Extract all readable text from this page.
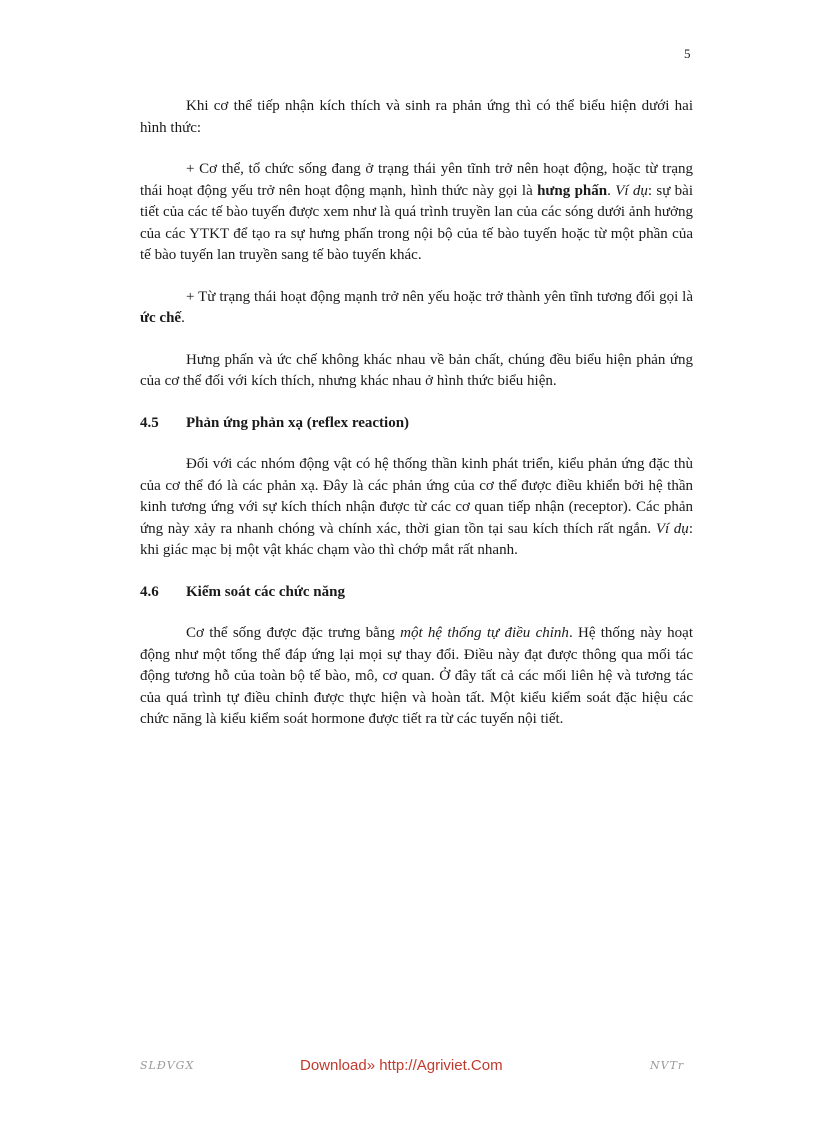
5

Khi cơ thể tiếp nhận kích thích và sinh ra phản ứng thì có thể biểu hiện dưới hai hình thức:

+ Cơ thể, tổ chức sống đang ở trạng thái yên tĩnh trở nên hoạt động, hoặc từ trạng thái hoạt động yếu trở nên hoạt động mạnh, hình thức này gọi là hưng phấn. Ví dụ: sự bài tiết của các tế bào tuyến được xem như là quá trình truyền lan của các sóng dưới ảnh hưởng của các YTKT để tạo ra sự hưng phấn trong nội bộ của tế bào tuyến hoặc từ một phần của tế bào tuyến lan truyền sang tế bào tuyến khác.

+ Từ trạng thái hoạt động mạnh trở nên yếu hoặc trở thành yên tĩnh tương đối gọi là ức chế.

Hưng phấn và ức chế không khác nhau về bản chất, chúng đều biểu hiện phản ứng của cơ thể đối với kích thích, nhưng khác nhau ở hình thức biểu hiện.

4.5	Phản ứng phản xạ (reflex reaction)

Đối với các nhóm động vật có hệ thống thần kinh phát triển, kiểu phản ứng đặc thù của cơ thể đó là các phản xạ. Đây là các phản ứng của cơ thể được điều khiển bởi hệ thần kinh tương ứng với sự kích thích nhận được từ các cơ quan tiếp nhận (receptor). Các phản ứng này xảy ra nhanh chóng và chính xác, thời gian tồn tại sau kích thích rất ngắn. Ví dụ: khi giác mạc bị một vật khác chạm vào thì chớp mắt rất nhanh.

4.6	Kiểm soát các chức năng

Cơ thể sống được đặc trưng bằng một hệ thống tự điều chỉnh. Hệ thống này hoạt động như một tổng thể đáp ứng lại mọi sự thay đổi. Điều này đạt được thông qua mối tác động tương hỗ của toàn bộ tế bào, mô, cơ quan. Ở đây tất cả các mối liên hệ và tương tác của quá trình tự điều chỉnh được thực hiện và hoàn tất. Một kiểu kiểm soát đặc hiệu các chức năng là kiểu kiểm soát hormone được tiết ra từ các tuyến nội tiết.

SLĐVGX	Download» http://Agriviet.Com	NVTr
